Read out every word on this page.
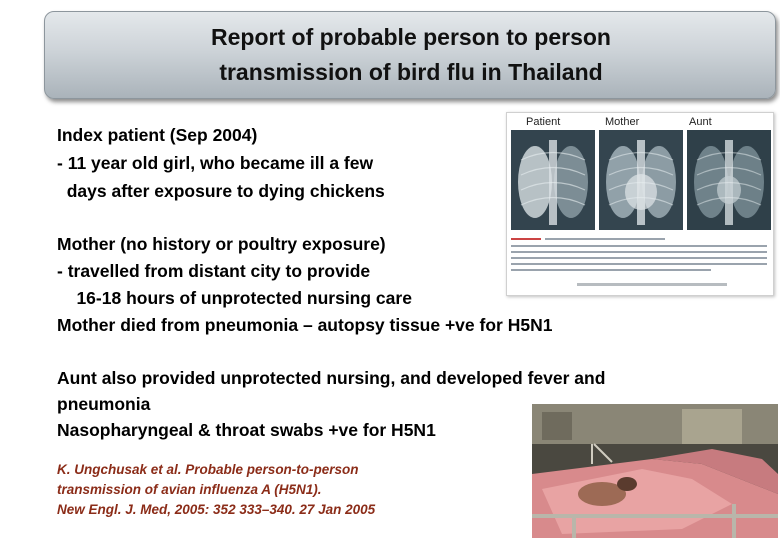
Report of probable person to person
transmission of bird flu in Thailand
Index patient (Sep 2004)
- 11 year old girl, who became ill a few
days after exposure to dying chickens
Mother (no history or poultry exposure)
- travelled from distant city to provide
16-18 hours of unprotected nursing care
Mother died from pneumonia – autopsy tissue +ve for H5N1
Aunt also provided unprotected nursing, and developed fever and
pneumonia
Nasopharyngeal & throat swabs +ve for H5N1
Patient	Mother	Aunt
K. Ungchusak et al. Probable person-to-person
transmission of avian influenza A (H5N1).
New Engl. J. Med, 2005: 352 333–340. 27 Jan 2005
